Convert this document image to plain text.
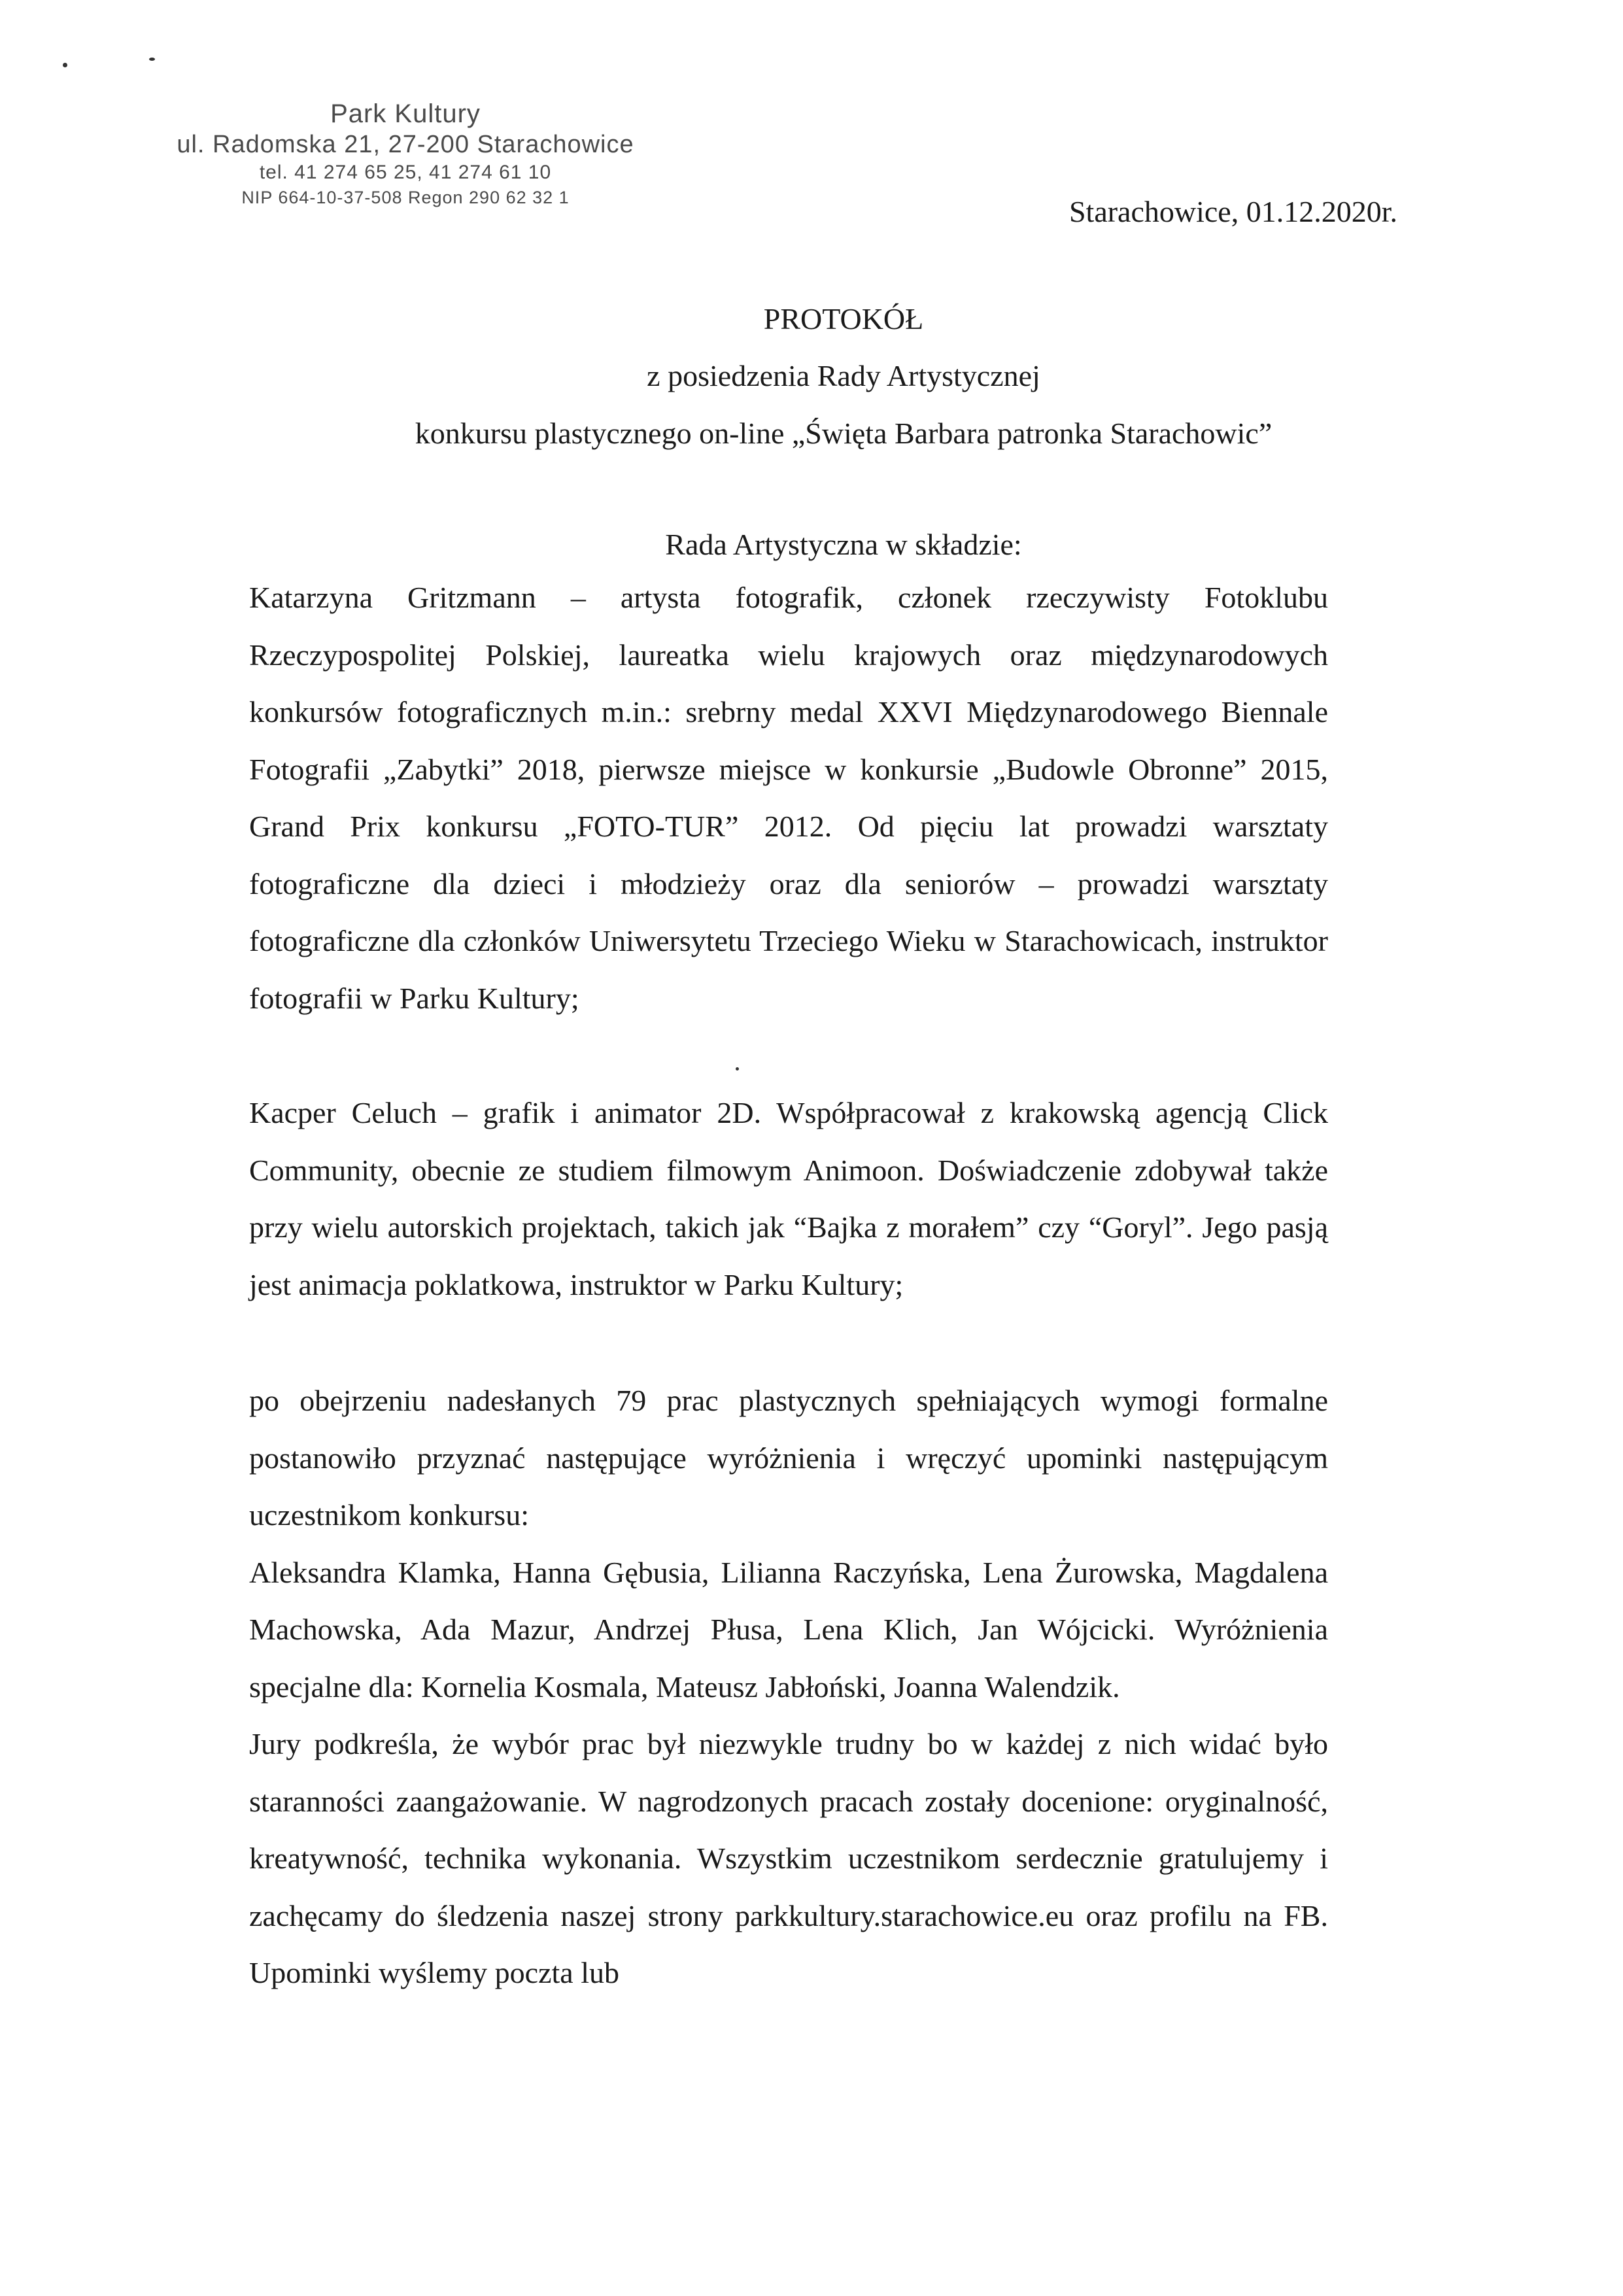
Park Kultury
ul. Radomska 21, 27-200 Starachowice
tel. 41 274 65 25, 41 274 61 10
NIP 664-10-37-508 Regon 290 62 32 1	Starachowice, 01.12.2020r.
PROTOKÓŁ
z posiedzenia Rady Artystycznej
konkursu plastycznego on-line „Święta Barbara patronka Starachowic”
Rada Artystyczna w składzie:

Katarzyna Gritzmann – artysta fotografik, członek rzeczywisty Fotoklubu Rzeczypospolitej Polskiej, laureatka wielu krajowych oraz międzynarodowych konkursów fotograficznych m.in.: srebrny medal XXVI Międzynarodowego Biennale Fotografii „Zabytki” 2018, pierwsze miejsce w konkursie „Budowle Obronne” 2015, Grand Prix konkursu „FOTO-TUR” 2012. Od pięciu lat prowadzi warsztaty fotograficzne dla dzieci i młodzieży oraz dla seniorów – prowadzi warsztaty fotograficzne dla członków Uniwersytetu Trzeciego Wieku w Starachowicach, instruktor fotografii w Parku Kultury;

Kacper Celuch – grafik i animator 2D. Współpracował z krakowską agencją Click Community, obecnie ze studiem filmowym Animoon. Doświadczenie zdobywał także przy wielu autorskich projektach, takich jak “Bajka z morałem” czy “Goryl”. Jego pasją jest animacja poklatkowa, instruktor w Parku Kultury;

po obejrzeniu nadesłanych 79 prac plastycznych spełniających wymogi formalne postanowiło przyznać następujące wyróżnienia i wręczyć upominki następującym uczestnikom konkursu:

Aleksandra Klamka, Hanna Gębusia, Lilianna Raczyńska, Lena Żurowska, Magdalena Machowska, Ada Mazur, Andrzej Płusa, Lena Klich, Jan Wójcicki. Wyróżnienia specjalne dla: Kornelia Kosmala, Mateusz Jabłoński, Joanna Walendzik.

Jury podkreśla, że wybór prac był niezwykle trudny bo w każdej z nich widać było staranności zaangażowanie. W nagrodzonych pracach zostały docenione: oryginalność, kreatywność, technika wykonania. Wszystkim uczestnikom serdecznie gratulujemy i zachęcamy do śledzenia naszej strony parkkultury.starachowice.eu oraz profilu na FB. Upominki wyślemy poczta lub
